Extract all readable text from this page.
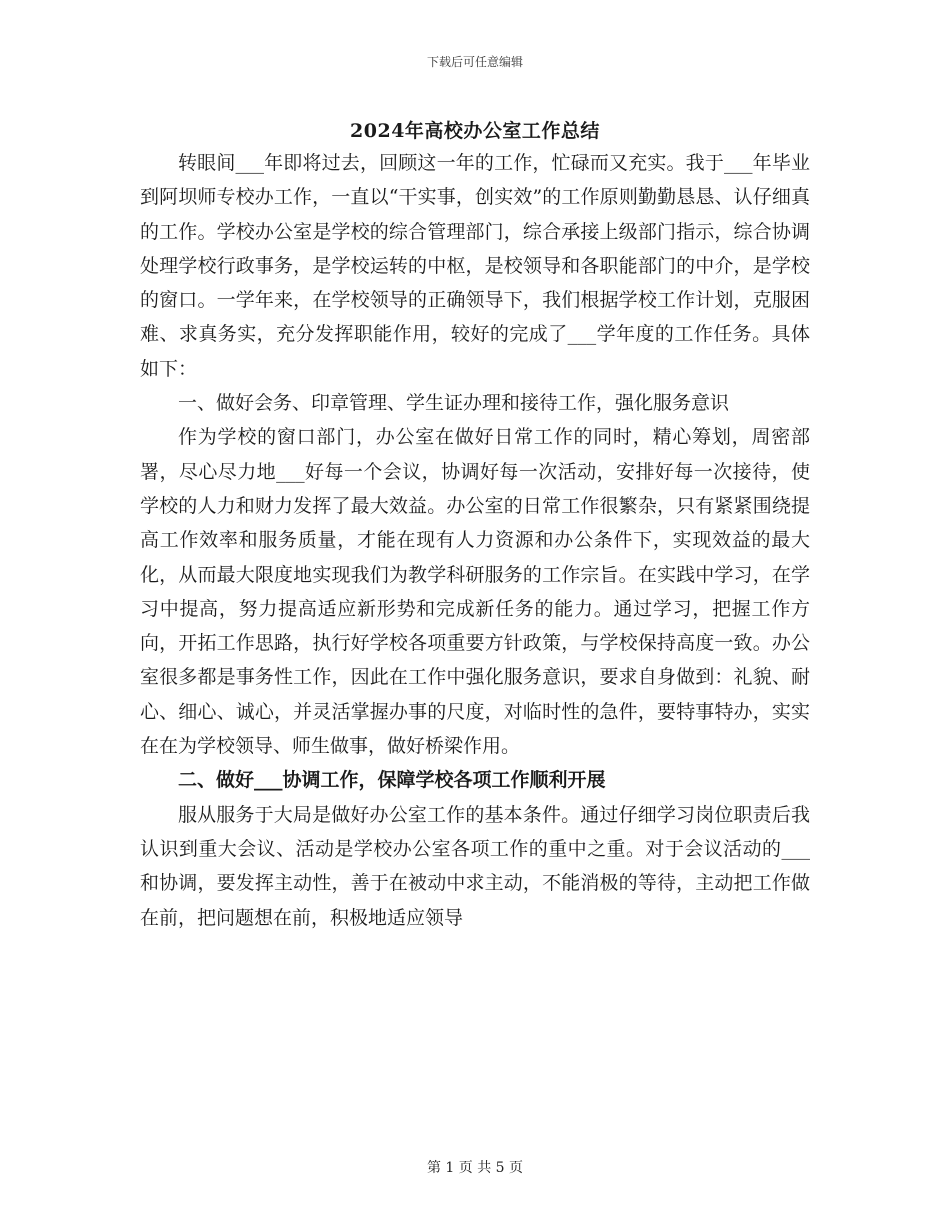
下载后可任意编辑
2024年高校办公室工作总结

转眼间___年即将过去，回顾这一年的工作，忙碌而又充实。我于___年毕业到阿坝师专校办工作，一直以“干实事，创实效”的工作原则勤勤恳恳、认仔细真的工作。学校办公室是学校的综合管理部门，综合承接上级部门指示，综合协调处理学校行政事务，是学校运转的中枢，是校领导和各职能部门的中介，是学校的窗口。一学年来，在学校领导的正确领导下，我们根据学校工作计划，克服困难、求真务实，充分发挥职能作用，较好的完成了___学年度的工作任务。具体如下：

一、做好会务、印章管理、学生证办理和接待工作，强化服务意识

作为学校的窗口部门，办公室在做好日常工作的同时，精心筹划，周密部署，尽心尽力地___好每一个会议，协调好每一次活动，安排好每一次接待，使学校的人力和财力发挥了最大效益。办公室的日常工作很繁杂，只有紧紧围绕提高工作效率和服务质量，才能在现有人力资源和办公条件下，实现效益的最大化，从而最大限度地实现我们为教学科研服务的工作宗旨。在实践中学习，在学习中提高，努力提高适应新形势和完成新任务的能力。通过学习，把握工作方向，开拓工作思路，执行好学校各项重要方针政策，与学校保持高度一致。办公室很多都是事务性工作，因此在工作中强化服务意识，要求自身做到：礼貌、耐心、细心、诚心，并灵活掌握办事的尺度，对临时性的急件，要特事特办，实实在在为学校领导、师生做事，做好桥梁作用。

二、做好___协调工作，保障学校各项工作顺利开展

服从服务于大局是做好办公室工作的基本条件。通过仔细学习岗位职责后我认识到重大会议、活动是学校办公室各项工作的重中之重。对于会议活动的___和协调，要发挥主动性，善于在被动中求主动，不能消极的等待，主动把工作做在前，把问题想在前，积极地适应领导

第 1 页 共 5 页
